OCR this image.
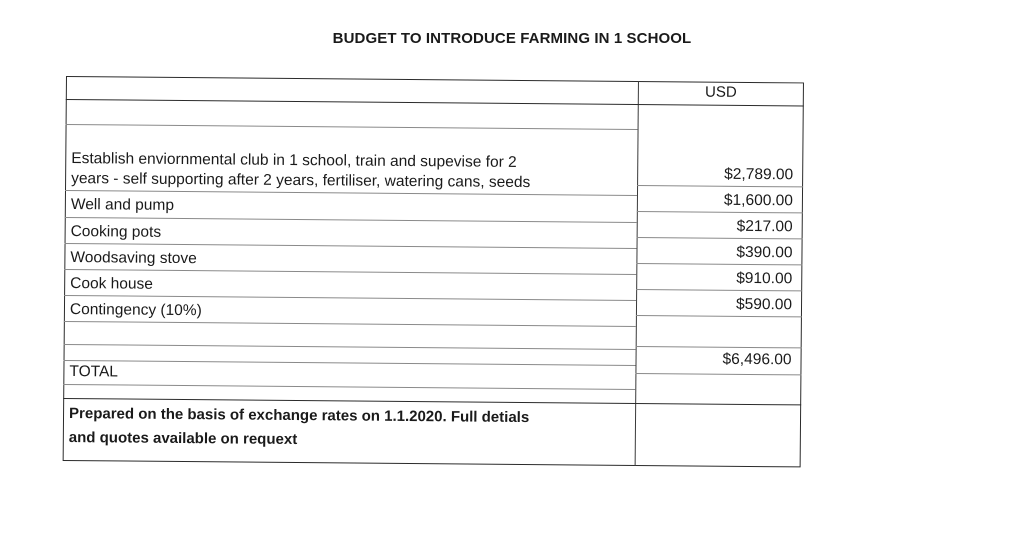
BUDGET TO INTRODUCE FARMING IN 1 SCHOOL
USD
Establish enviornmental club in 1 school, train and supevise for 2
years - self supporting after 2 years, fertiliser, watering cans, seeds
Well and pump
Cooking pots
Woodsaving stove
Cook house
Contingency (10%)
TOTAL
$2,789.00
$1,600.00
$217.00
$390.00
$910.00
$590.00
$6,496.00
Prepared on the basis of exchange rates on 1.1.2020. Full detials
and quotes available on requext
